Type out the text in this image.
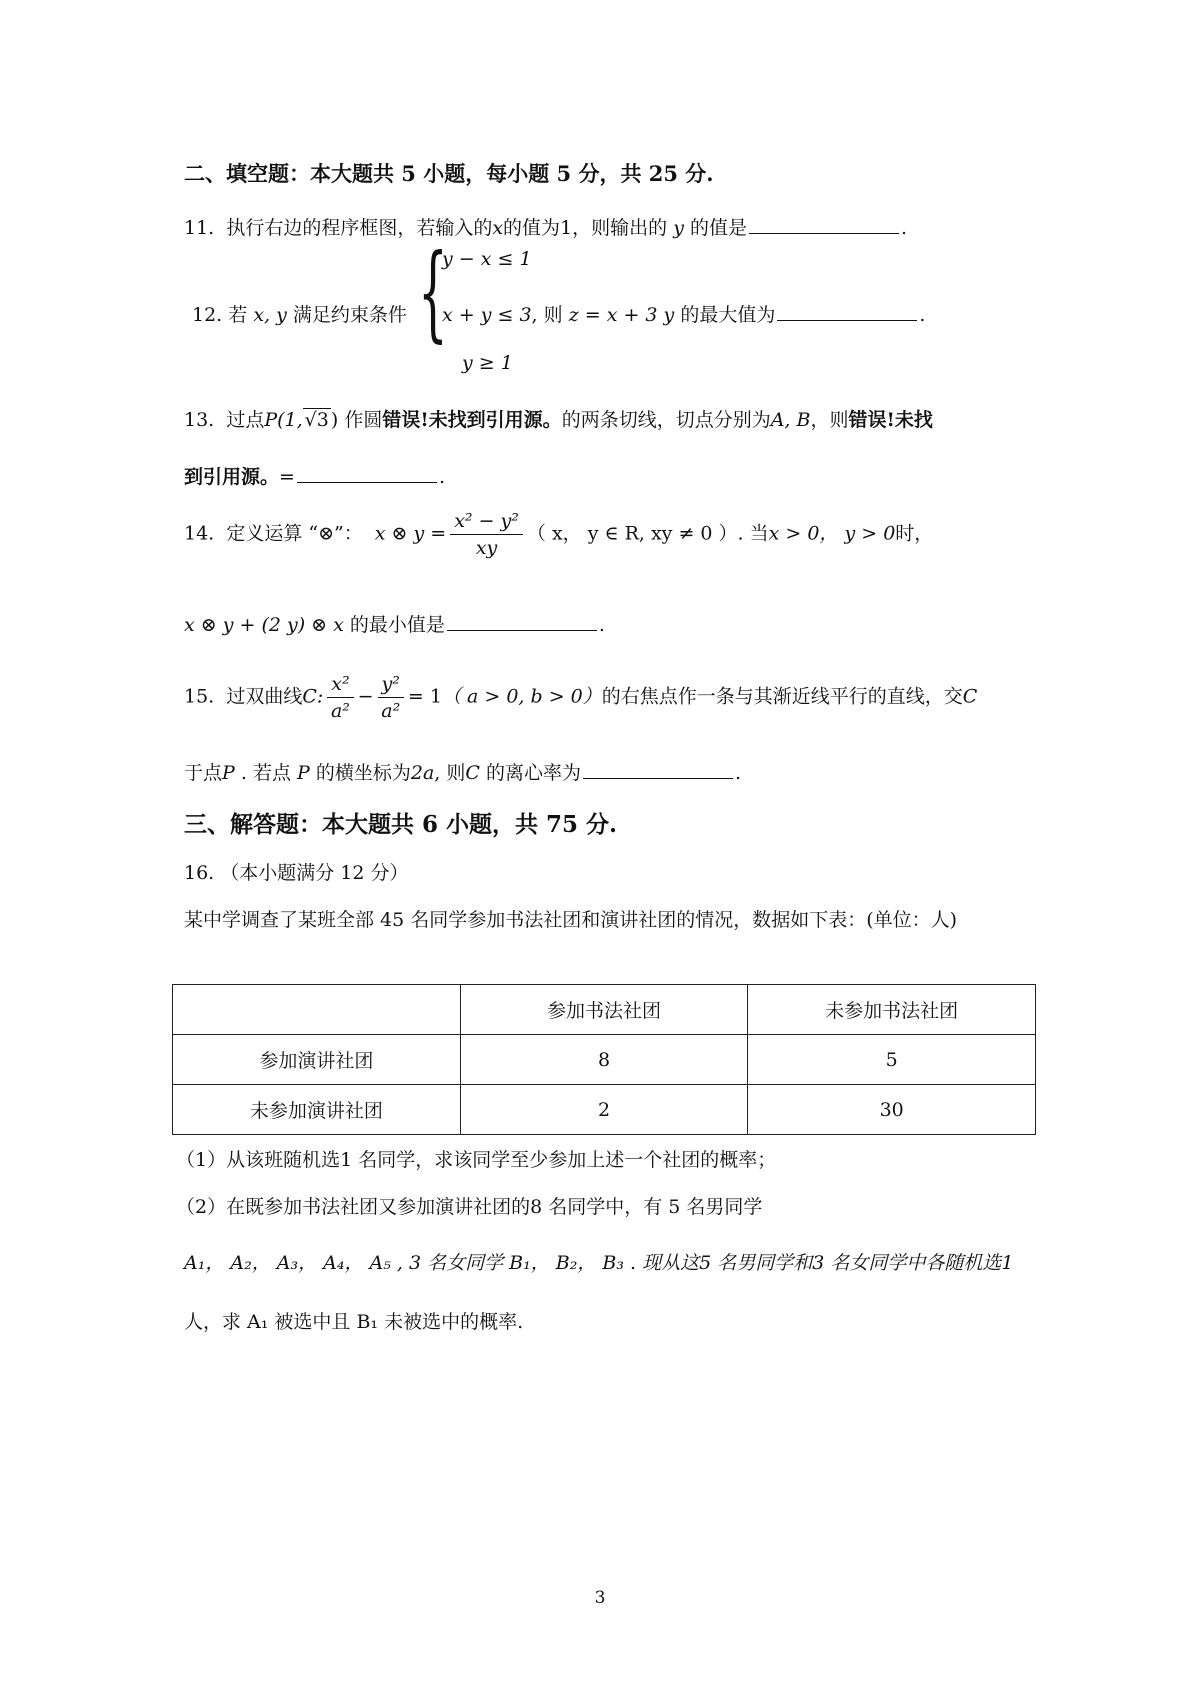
二、填空题：本大题共 5 小题，每小题 5 分，共 25 分.
11. 执行右边的程序框图，若输入的x的值为1，则输出的 y 的值是	.
12. 若 x, y 满足约束条件 {
y − x ≤ 1
x + y ≤ 3, 则 z = x + 3 y 的最大值为	.
y ≥ 1
13. 过点P(1, √3 ) 作圆错误!未找到引用源。的两条切线，切点分别为A, B，则错误!未找
到引用源。=	.
14. 定义运算 “⊗”： x ⊗ $y = \frac{\text{x² − y²}}{xy}$ （ x， y ∈ R, xy ≠ 0 ）. 当x > 0， y > 0时，
x ⊗ y + (2 y) ⊗ x 的最小值是	.
15. 过双曲线C: $\frac{\text{x²}}{\text{a²}} - \frac{\text{y²}}{\text{a²}} = 1$（ a > 0, b > 0）的右焦点作一条与其渐近线平行的直线，交C
于点P . 若点 P 的横坐标为2a, 则C 的离心率为	.
三、解答题：本大题共 6 小题，共 75 分.
16. （本小题满分 12 分）
某中学调查了某班全部 45 名同学参加书法社团和演讲社团的情况，数据如下表：(单位：人)
	参加书法社团	未参加书法社团
参加演讲社团	8	5
未参加演讲社团	2	30
（1）从该班随机选1 名同学，求该同学至少参加上述一个社团的概率；
（2）在既参加书法社团又参加演讲社团的8 名同学中，有 5 名男同学
A₁， A₂， A₃， A₄， A₅ , 3 名女同学 B₁， B₂， B₃ . 现从这5 名男同学和3 名女同学中各随机选1
人，求 A₁ 被选中且 B₁ 未被选中的概率.
3
